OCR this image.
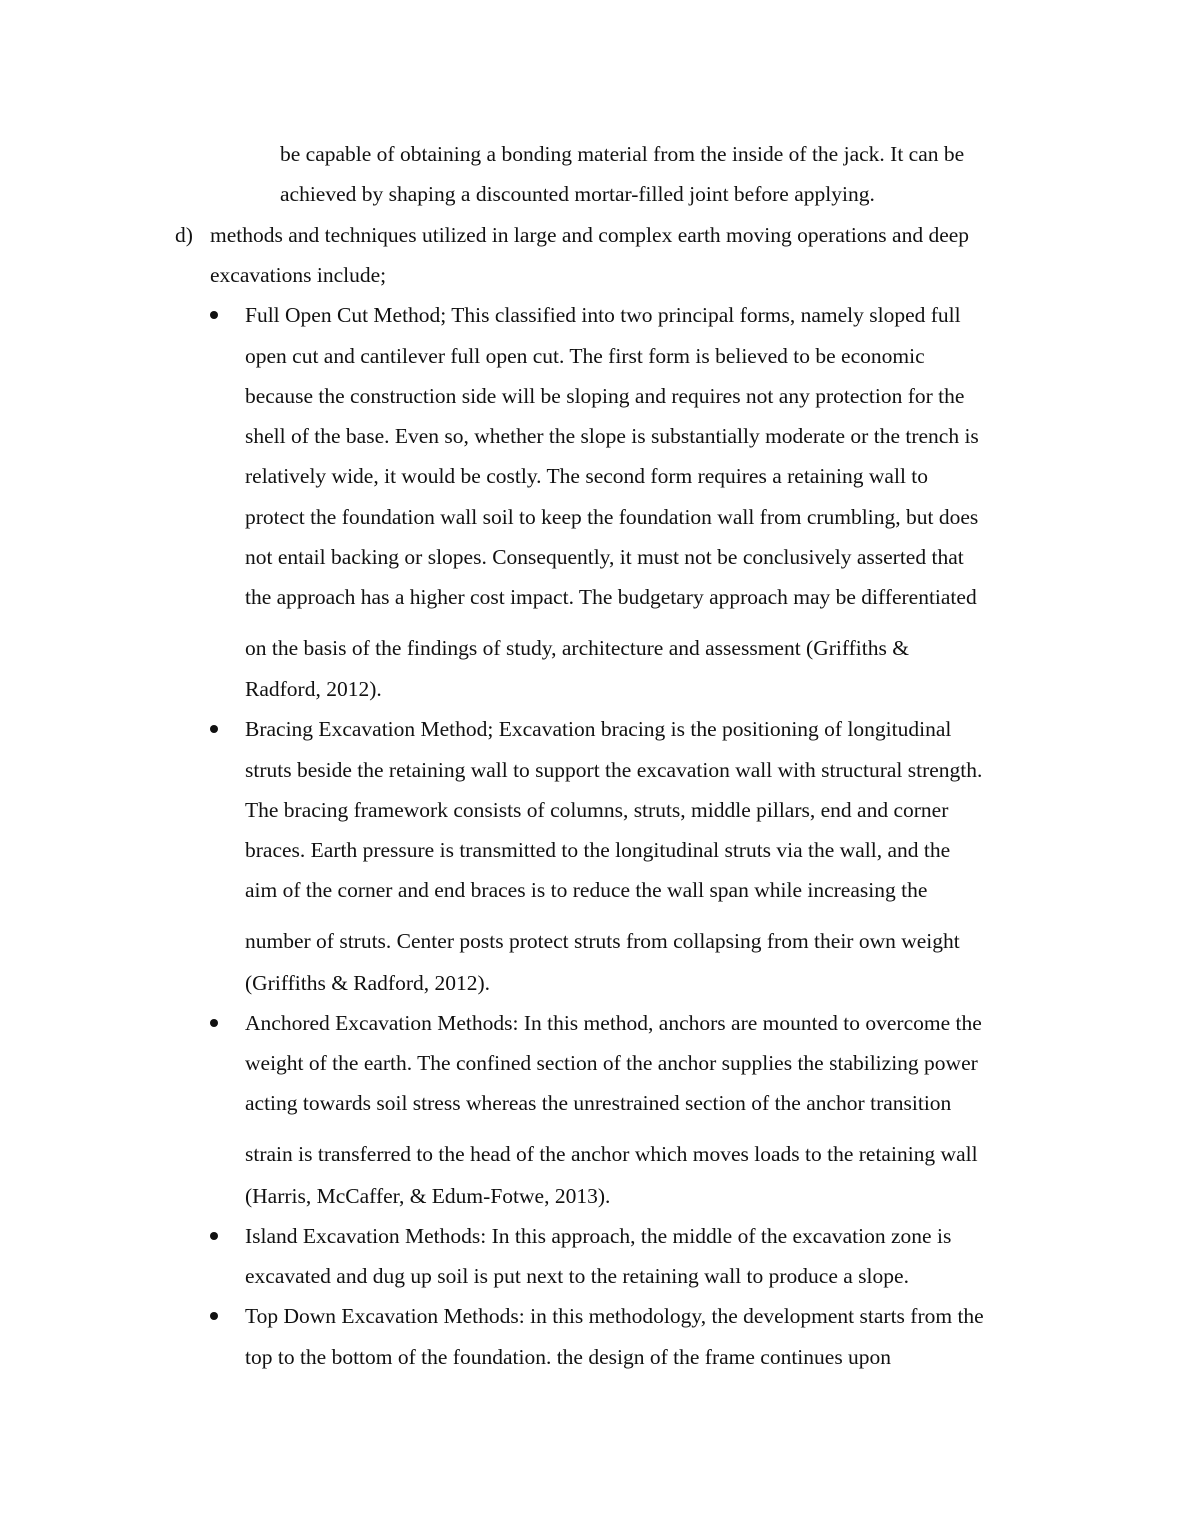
be capable of obtaining a bonding material from the inside of the jack. It can be
achieved by shaping a discounted mortar-filled joint before applying.
d) methods and techniques utilized in large and complex earth moving operations and deep
excavations include;
Full Open Cut Method; This classified into two principal forms, namely sloped full
open cut and cantilever full open cut. The first form is believed to be economic
because the construction side will be sloping and requires not any protection for the
shell of the base. Even so, whether the slope is substantially moderate or the trench is
relatively wide, it would be costly. The second form requires a retaining wall to
protect the foundation wall soil to keep the foundation wall from crumbling, but does
not entail backing or slopes. Consequently, it must not be conclusively asserted that
the approach has a higher cost impact. The budgetary approach may be differentiated
on the basis of the findings of study, architecture and assessment (Griffiths &
Radford, 2012).
Bracing Excavation Method; Excavation bracing is the positioning of longitudinal
struts beside the retaining wall to support the excavation wall with structural strength.
The bracing framework consists of columns, struts, middle pillars, end and corner
braces. Earth pressure is transmitted to the longitudinal struts via the wall, and the
aim of the corner and end braces is to reduce the wall span while increasing the
number of struts. Center posts protect struts from collapsing from their own weight
(Griffiths & Radford, 2012).
Anchored Excavation Methods: In this method, anchors are mounted to overcome the
weight of the earth. The confined section of the anchor supplies the stabilizing power
acting towards soil stress whereas the unrestrained section of the anchor transition
strain is transferred to the head of the anchor which moves loads to the retaining wall
(Harris, McCaffer, & Edum-Fotwe, 2013).
Island Excavation Methods: In this approach, the middle of the excavation zone is
excavated and dug up soil is put next to the retaining wall to produce a slope.
Top Down Excavation Methods: in this methodology, the development starts from the
top to the bottom of the foundation. the design of the frame continues upon
